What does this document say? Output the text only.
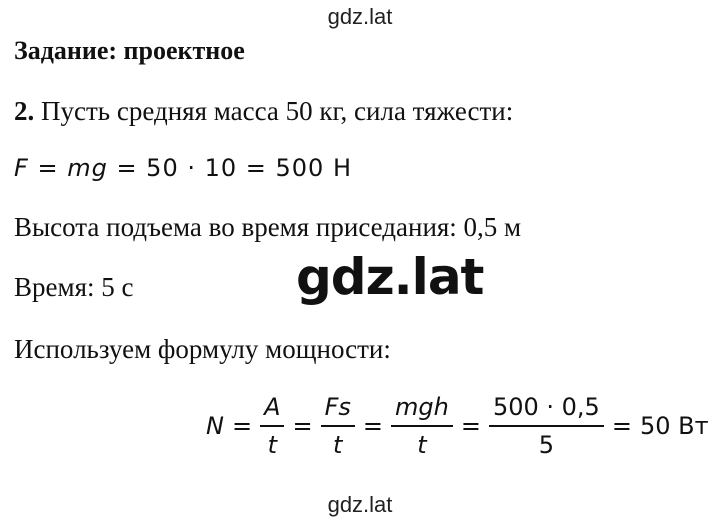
gdz.lat
Задание: проектное
2. Пусть средняя масса 50 кг, сила тяжести:
F = mg = 50 · 10 = 500 Н
Высота подъема во время приседания: 0,5 м
Время: 5 с	gdz.lat
Используем формулу мощности:
$N = \frac{A}{t} = \frac{Fs}{t} = \frac{\text{mgh}}{t} = \frac{500 \cdot 0,5}{5} = 50$ Вт
gdz.lat
